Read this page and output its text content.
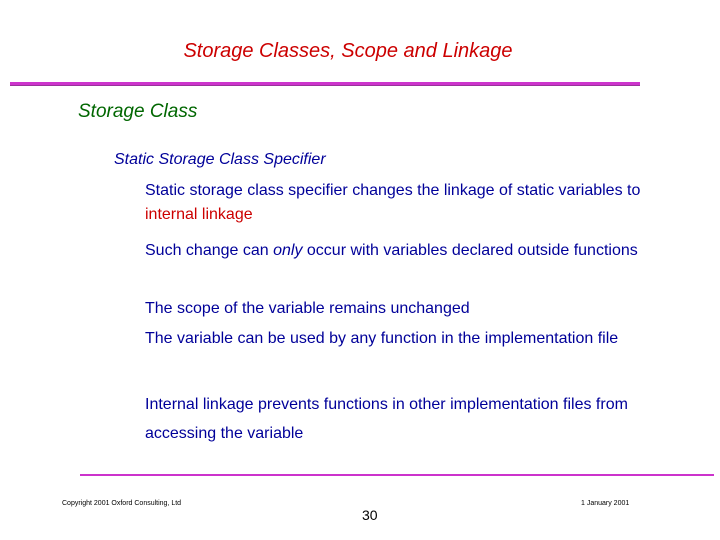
Storage Classes, Scope and Linkage
Storage Class
Static Storage Class Specifier
Static storage class specifier changes the linkage of static variables to internal linkage
Such change can only occur with variables declared outside functions
The scope of the variable remains unchanged
The variable can be used by any function in the implementation file
Internal linkage prevents functions in other implementation files from accessing the variable
Copyright 2001 Oxford Consulting, Ltd	1 January 2001
30
